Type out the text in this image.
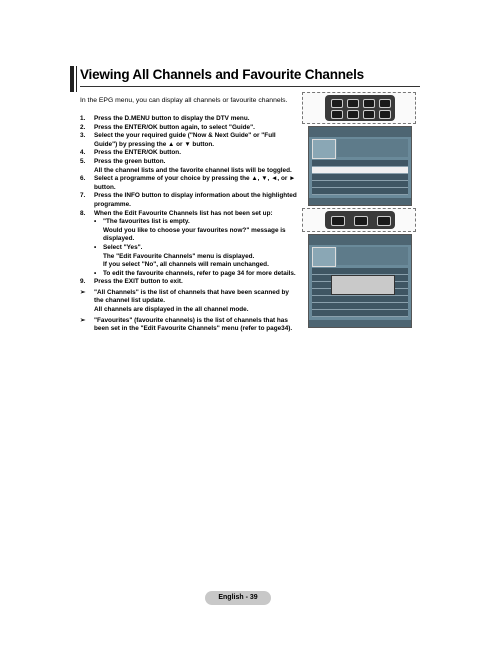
Viewing All Channels and Favourite Channels
In the EPG menu, you can display all channels or favourite channels.
1.	Press the D.MENU button to display the DTV menu.
2.	Press the ENTER/OK button again, to select "Guide".
3.	Select the your required guide ("Now & Next Guide" or "Full Guide") by pressing the ▲ or ▼ button.
4.	Press the ENTER/OK button.
5.	Press the green button.
All the channel lists and the favorite channel lists will be toggled.
6.	Select a programme of your choice by pressing the ▲, ▼, ◄, or ► button.
7.	Press the INFO button to display information about the highlighted programme.
8.	When the Edit Favourite Channels list has not been set up:
•	"The favourites list is empty.
Would you like to choose your favourites now?" message is displayed.
•	Select "Yes".
The "Edit Favourite Channels" menu is displayed.
If you select "No", all channels will remain unchanged.
•	To edit the favourite channels, refer to page 34 for more details.
9.	Press the EXIT button to exit.
➢	"All Channels" is the list of channels that have been scanned by the channel list update.
All channels are displayed in the all channel mode.
➢	"Favourites" (favourite channels) is the list of channels that has been set in the "Edit Favourite Channels" menu (refer to page34).
English - 39
